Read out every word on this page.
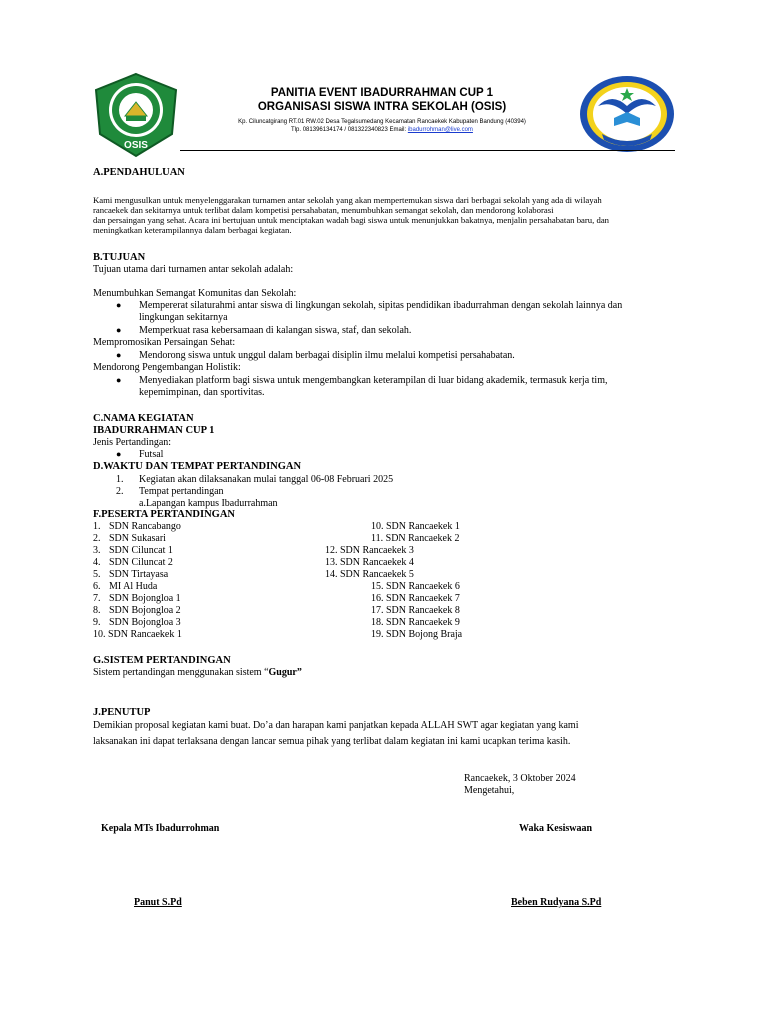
OSIS
PANITIA EVENT IBADURRAHMAN CUP 1
ORGANISASI SISWA INTRA SEKOLAH (OSIS)
Kp. Ciluncatgirang RT.01 RW.02 Desa Tegalsumedang Kecamatan Rancaekek Kabupaten Bandung (40394)
Tlp. 081396134174 / 081322340823 Email: ibadurrohman@live.com
A.PENDAHULUAN
Kami mengusulkan untuk menyelenggarakan turnamen antar sekolah yang akan mempertemukan siswa dari berbagai sekolah yang ada di wilayah
rancaekek dan sekitarnya untuk terlibat dalam kompetisi persahabatan, menumbuhkan semangat sekolah, dan mendorong kolaborasi
dan persaingan yang sehat. Acara ini bertujuan untuk menciptakan wadah bagi siswa untuk menunjukkan bakatnya, menjalin persahabatan baru, dan
meningkatkan keterampilannya dalam berbagai kegiatan.
B.TUJUAN
Tujuan utama dari turnamen antar sekolah adalah:
Menumbuhkan Semangat Komunitas dan Sekolah:
● Mempererat silaturahmi antar siswa di lingkungan sekolah, sipitas pendidikan ibadurrahman dengan sekolah lainnya dan
lingkungan sekitarnya
● Memperkuat rasa kebersamaan di kalangan siswa, staf, dan sekolah.
Mempromosikan Persaingan Sehat:
● Mendorong siswa untuk unggul dalam berbagai disiplin ilmu melalui kompetisi persahabatan.
Mendorong Pengembangan Holistik:
● Menyediakan platform bagi siswa untuk mengembangkan keterampilan di luar bidang akademik, termasuk kerja tim,
kepemimpinan, dan sportivitas.
C.NAMA KEGIATAN
IBADURRAHMAN CUP 1
Jenis Pertandingan:
● Futsal
D.WAKTU DAN TEMPAT PERTANDINGAN
1. Kegiatan akan dilaksanakan mulai tanggal 06-08 Februari 2025
2. Tempat pertandingan
a.Lapangan kampus Ibadurrahman
F.PESERTA PERTANDINGAN
1. SDN Rancabango
2. SDN Sukasari
3. SDN Ciluncat 1
4. SDN Ciluncat 2
5. SDN Tirtayasa
6. MI Al Huda
7. SDN Bojongloa 1
8. SDN Bojongloa 2
9. SDN Bojongloa 3
10. SDN Rancaekek 1
10. SDN Rancaekek 1
11. SDN Rancaekek 2
12. SDN Rancaekek 3
13. SDN Rancaekek 4
14. SDN Rancaekek 5
15. SDN Rancaekek 6
16. SDN Rancaekek 7
17. SDN Rancaekek 8
18. SDN Rancaekek 9
19. SDN Bojong Braja
G.SISTEM PERTANDINGAN
Sistem pertandingan menggunakan sistem “Gugur”
J.PENUTUP
Demikian proposal kegiatan kami buat. Do’a dan harapan kami panjatkan kepada ALLAH SWT agar kegiatan yang kami
laksanakan ini dapat terlaksana dengan lancar semua pihak yang terlibat dalam kegiatan ini kami ucapkan terima kasih.
Rancaekek, 3 Oktober 2024
Mengetahui,
Kepala MTs Ibadurrohman	Waka Kesiswaan
Panut S.Pd	Beben Rudyana S.Pd
